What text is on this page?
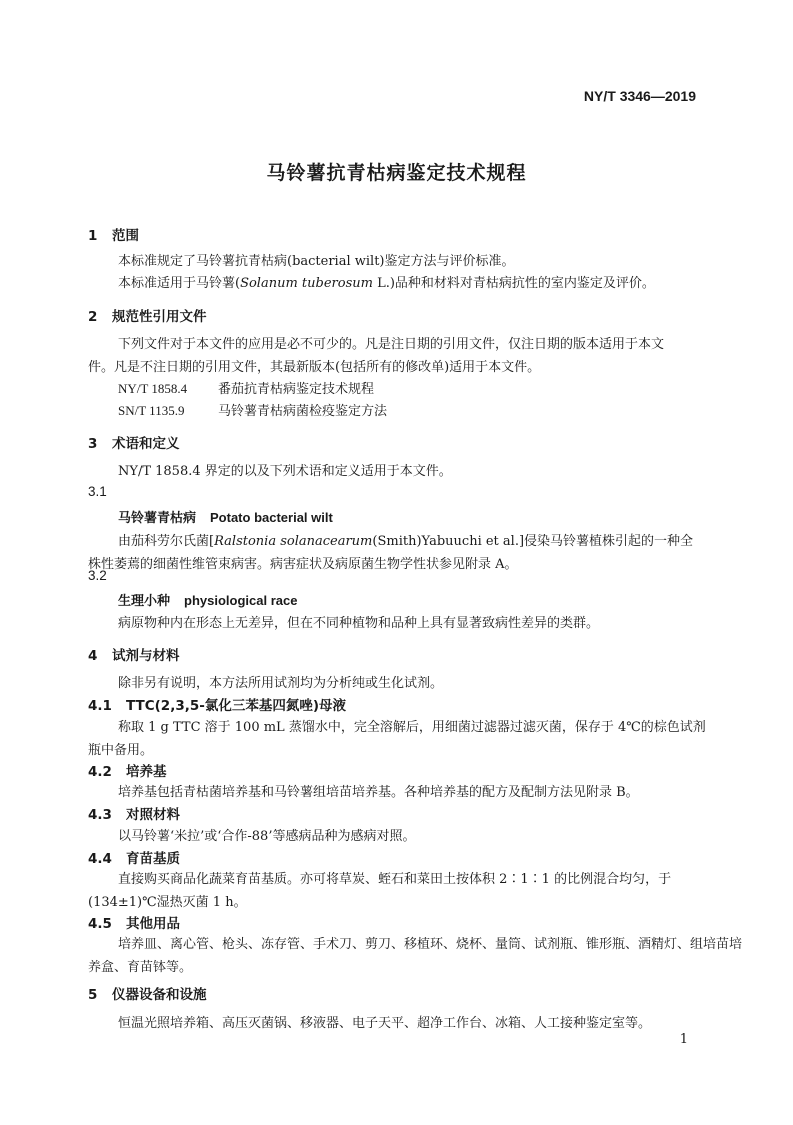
NY/T 3346—2019
马铃薯抗青枯病鉴定技术规程
1 范围
本标准规定了马铃薯抗青枯病(bacterial wilt)鉴定方法与评价标准。
本标准适用于马铃薯(Solanum tuberosum L.)品种和材料对青枯病抗性的室内鉴定及评价。
2 规范性引用文件
下列文件对于本文件的应用是必不可少的。凡是注日期的引用文件，仅注日期的版本适用于本文
件。凡是不注日期的引用文件，其最新版本(包括所有的修改单)适用于本文件。
NY/T 1858.4 番茄抗青枯病鉴定技术规程
SN/T 1135.9	马铃薯青枯病菌检疫鉴定方法
3 术语和定义
NY/T 1858.4 界定的以及下列术语和定义适用于本文件。
3.1
马铃薯青枯病 Potato bacterial wilt
由茄科劳尔氏菌[Ralstonia solanacearum(Smith)Yabuuchi et al.]侵染马铃薯植株引起的一种全
株性萎蔫的细菌性维管束病害。病害症状及病原菌生物学性状参见附录 A。
3.2
生理小种 physiological race
病原物种内在形态上无差异，但在不同种植物和品种上具有显著致病性差异的类群。
4 试剂与材料
除非另有说明，本方法所用试剂均为分析纯或生化试剂。
4.1 TTC(2,3,5-氯化三苯基四氮唑)母液
称取 1 g TTC 溶于 100 mL 蒸馏水中，完全溶解后，用细菌过滤器过滤灭菌，保存于 4℃的棕色试剂
瓶中备用。
4.2 培养基
培养基包括青枯菌培养基和马铃薯组培苗培养基。各种培养基的配方及配制方法见附录 B。
4.3 对照材料
以马铃薯‘米拉’或‘合作-88’等感病品种为感病对照。
4.4 育苗基质
直接购买商品化蔬菜育苗基质。亦可将草炭、蛭石和菜田土按体积 2∶1∶1 的比例混合均匀，于
(134±1)℃湿热灭菌 1 h。
4.5 其他用品
培养皿、离心管、枪头、冻存管、手术刀、剪刀、移植环、烧杯、量筒、试剂瓶、锥形瓶、酒精灯、组培苗培
养盒、育苗钵等。
5 仪器设备和设施
恒温光照培养箱、高压灭菌锅、移液器、电子天平、超净工作台、冰箱、人工接种鉴定室等。
1
